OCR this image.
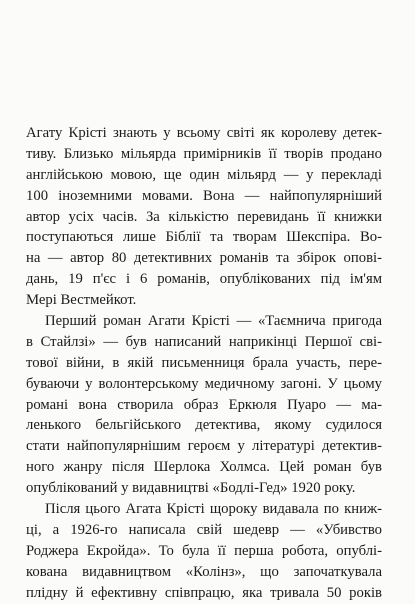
Агату Крісті знають у всьому світі як королеву детек-
тиву. Близько мільярда примірників її творів продано
англійською мовою, ще один мільярд — у перекладі
100 іноземними мовами. Вона — найпопулярніший
автор усіх часів. За кількістю перевидань її книжки
поступаються лише Біблії та творам Шекспіра. Во-
на — автор 80 детективних романів та збірок опові-
дань, 19 п'єс і 6 романів, опублікованих під ім'ям
Мері Вестмейкот.
Перший роман Агати Крісті — «Таємнича пригода
в Стайлзі» — був написаний наприкінці Першої сві-
тової війни, в якій письменниця брала участь, пере-
буваючи у волонтерському медичному загоні. У цьому
романі вона створила образ Еркюля Пуаро — ма-
ленького бельгійського детектива, якому судилося
стати найпопулярнішим героєм у літературі детектив-
ного жанру після Шерлока Холмса. Цей роман був
опублікований у видавництві «Бодлі-Гед» 1920 року.
Після цього Агата Крісті щороку видавала по книж-
ці, а 1926-го написала свій шедевр — «Убивство
Роджера Екройда». То була її перша робота, опублі-
кована видавництвом «Колінз», що започаткувала
плідну й ефективну співпрацю, яка тривала 50 років
